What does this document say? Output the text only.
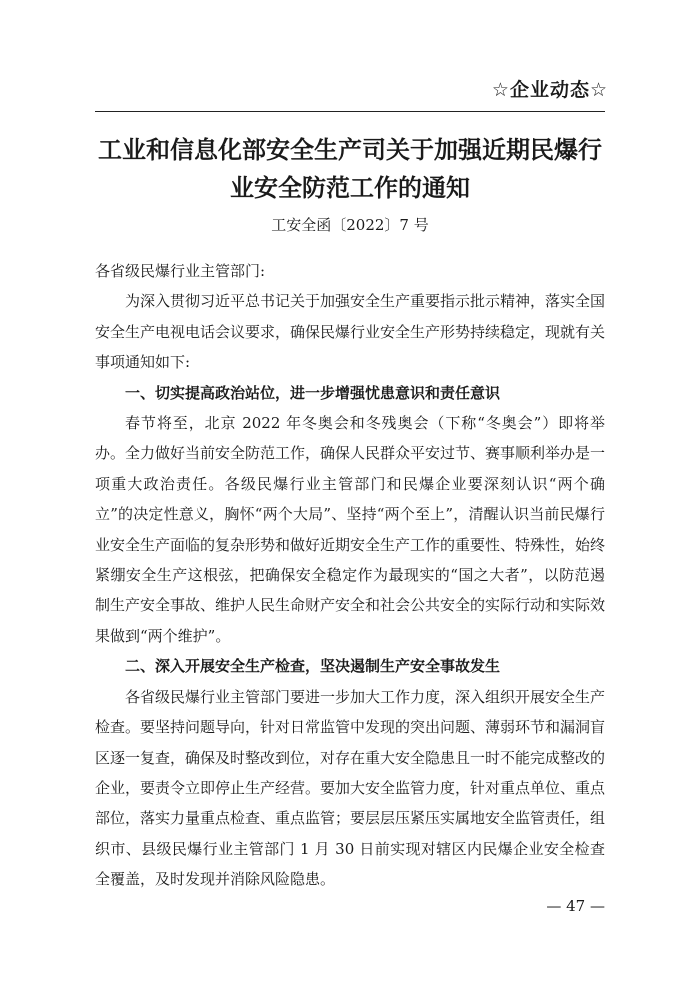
☆企业动态☆
工业和信息化部安全生产司关于加强近期民爆行
业安全防范工作的通知
工安全函〔2022〕7 号

各省级民爆行业主管部门:

为深入贯彻习近平总书记关于加强安全生产重要指示批示精神，落实全国安全生产电视电话会议要求，确保民爆行业安全生产形势持续稳定，现就有关事项通知如下:

一、切实提高政治站位，进一步增强忧患意识和责任意识

春节将至，北京 2022 年冬奥会和冬残奥会（下称“冬奥会”）即将举办。全力做好当前安全防范工作，确保人民群众平安过节、赛事顺利举办是一项重大政治责任。各级民爆行业主管部门和民爆企业要深刻认识“两个确立”的决定性意义，胸怀“两个大局”、坚持“两个至上”，清醒认识当前民爆行业安全生产面临的复杂形势和做好近期安全生产工作的重要性、特殊性，始终紧绷安全生产这根弦，把确保安全稳定作为最现实的“国之大者”，以防范遏制生产安全事故、维护人民生命财产安全和社会公共安全的实际行动和实际效果做到“两个维护”。

二、深入开展安全生产检查，坚决遏制生产安全事故发生

各省级民爆行业主管部门要进一步加大工作力度，深入组织开展安全生产检查。要坚持问题导向，针对日常监管中发现的突出问题、薄弱环节和漏洞盲区逐一复查，确保及时整改到位，对存在重大安全隐患且一时不能完成整改的企业，要责令立即停止生产经营。要加大安全监管力度，针对重点单位、重点部位，落实力量重点检查、重点监管；要层层压紧压实属地安全监管责任，组织市、县级民爆行业主管部门 1 月 30 日前实现对辖区内民爆企业安全检查全覆盖，及时发现并消除风险隐患。

— 47 —
